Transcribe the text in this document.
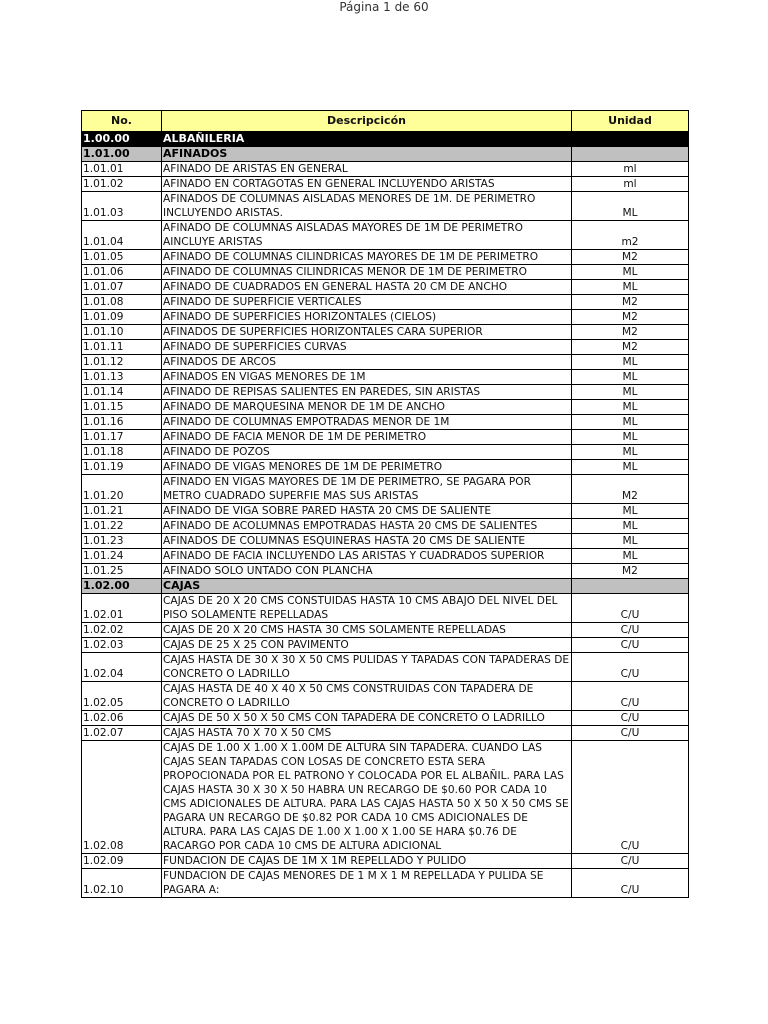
Página 1 de 60
No.	Descripcicón	Unidad
1.00.00	ALBAÑILERIA	
1.01.00	AFINADOS	
1.01.01	AFINADO DE ARISTAS EN GENERAL	ml
1.01.02	AFINADO EN CORTAGOTAS EN GENERAL INCLUYENDO ARISTAS	ml
1.01.03	AFINADOS DE COLUMNAS AISLADAS MENORES DE 1M. DE PERIMETRO INCLUYENDO ARISTAS.	ML
1.01.04	AFINADO DE COLUMNAS AISLADAS MAYORES DE 1M DE PERIMETRO AINCLUYE ARISTAS	m2
1.01.05	AFINADO DE COLUMNAS CILINDRICAS MAYORES DE 1M DE PERIMETRO	M2
1.01.06	AFINADO DE COLUMNAS CILINDRICAS MENOR DE 1M DE PERIMETRO	ML
1.01.07	AFINADO DE CUADRADOS EN GENERAL HASTA 20 CM DE ANCHO	ML
1.01.08	AFINADO DE SUPERFICIE VERTICALES	M2
1.01.09	AFINADO DE SUPERFICIES HORIZONTALES (CIELOS)	M2
1.01.10	AFINADOS DE SUPERFICIES HORIZONTALES CARA SUPERIOR	M2
1.01.11	AFINADO DE SUPERFICIES CURVAS	M2
1.01.12	AFINADOS DE ARCOS	ML
1.01.13	AFINADOS EN VIGAS MENORES DE 1M	ML
1.01.14	AFINADO DE REPISAS SALIENTES EN PAREDES, SIN ARISTAS	ML
1.01.15	AFINADO DE MARQUESINA MENOR DE 1M DE ANCHO	ML
1.01.16	AFINADO DE COLUMNAS EMPOTRADAS MENOR DE 1M	ML
1.01.17	AFINADO DE FACIA MENOR DE 1M DE PERIMETRO	ML
1.01.18	AFINADO DE POZOS	ML
1.01.19	AFINADO DE VIGAS MENORES DE 1M DE PERIMETRO	ML
1.01.20	AFINADO EN VIGAS MAYORES DE 1M DE PERIMETRO, SE PAGARA POR METRO CUADRADO SUPERFIE MAS SUS ARISTAS	M2
1.01.21	AFINADO DE VIGA SOBRE PARED HASTA 20 CMS DE SALIENTE	ML
1.01.22	AFINADO DE ACOLUMNAS EMPOTRADAS HASTA 20 CMS DE SALIENTES	ML
1.01.23	AFINADOS DE COLUMNAS ESQUINERAS HASTA 20 CMS DE SALIENTE	ML
1.01.24	AFINADO DE FACIA INCLUYENDO LAS ARISTAS Y CUADRADOS SUPERIOR	ML
1.01.25	AFINADO SOLO UNTADO CON PLANCHA	M2
1.02.00	CAJAS	
1.02.01	CAJAS DE 20 X 20 CMS CONSTUIDAS HASTA 10 CMS ABAJO DEL NIVEL DEL PISO SOLAMENTE REPELLADAS	C/U
1.02.02	CAJAS DE 20 X 20 CMS HASTA 30 CMS SOLAMENTE REPELLADAS	C/U
1.02.03	CAJAS DE 25 X 25 CON PAVIMENTO	C/U
1.02.04	CAJAS HASTA DE 30 X 30 X 50 CMS PULIDAS Y TAPADAS CON TAPADERAS DE CONCRETO O LADRILLO	C/U
1.02.05	CAJAS HASTA DE 40 X 40 X 50 CMS CONSTRUIDAS CON TAPADERA DE CONCRETO O LADRILLO	C/U
1.02.06	CAJAS DE 50 X 50 X 50 CMS CON TAPADERA DE CONCRETO O LADRILLO	C/U
1.02.07	CAJAS HASTA 70 X 70 X 50 CMS	C/U
1.02.08	CAJAS DE 1.00 X 1.00 X 1.00M DE ALTURA SIN TAPADERA. CUANDO LAS CAJAS SEAN TAPADAS CON LOSAS DE CONCRETO ESTA SERA PROPOCIONADA POR EL PATRONO Y COLOCADA POR EL ALBAÑIL. PARA LAS CAJAS HASTA 30 X 30 X 50 HABRA UN RECARGO DE $0.60 POR CADA 10 CMS ADICIONALES DE ALTURA. PARA LAS CAJAS HASTA 50 X 50 X 50 CMS SE PAGARA UN RECARGO DE $0.82 POR CADA 10 CMS ADICIONALES DE ALTURA. PARA LAS CAJAS DE 1.00 X 1.00 X 1.00 SE HARA $0.76 DE RACARGO POR CADA 10 CMS DE ALTURA ADICIONAL	C/U
1.02.09	FUNDACION DE CAJAS DE 1M X 1M REPELLADO Y PULIDO	C/U
1.02.10	FUNDACION DE CAJAS MENORES DE 1 M X 1 M REPELLADA Y PULIDA SE PAGARA A:	C/U
